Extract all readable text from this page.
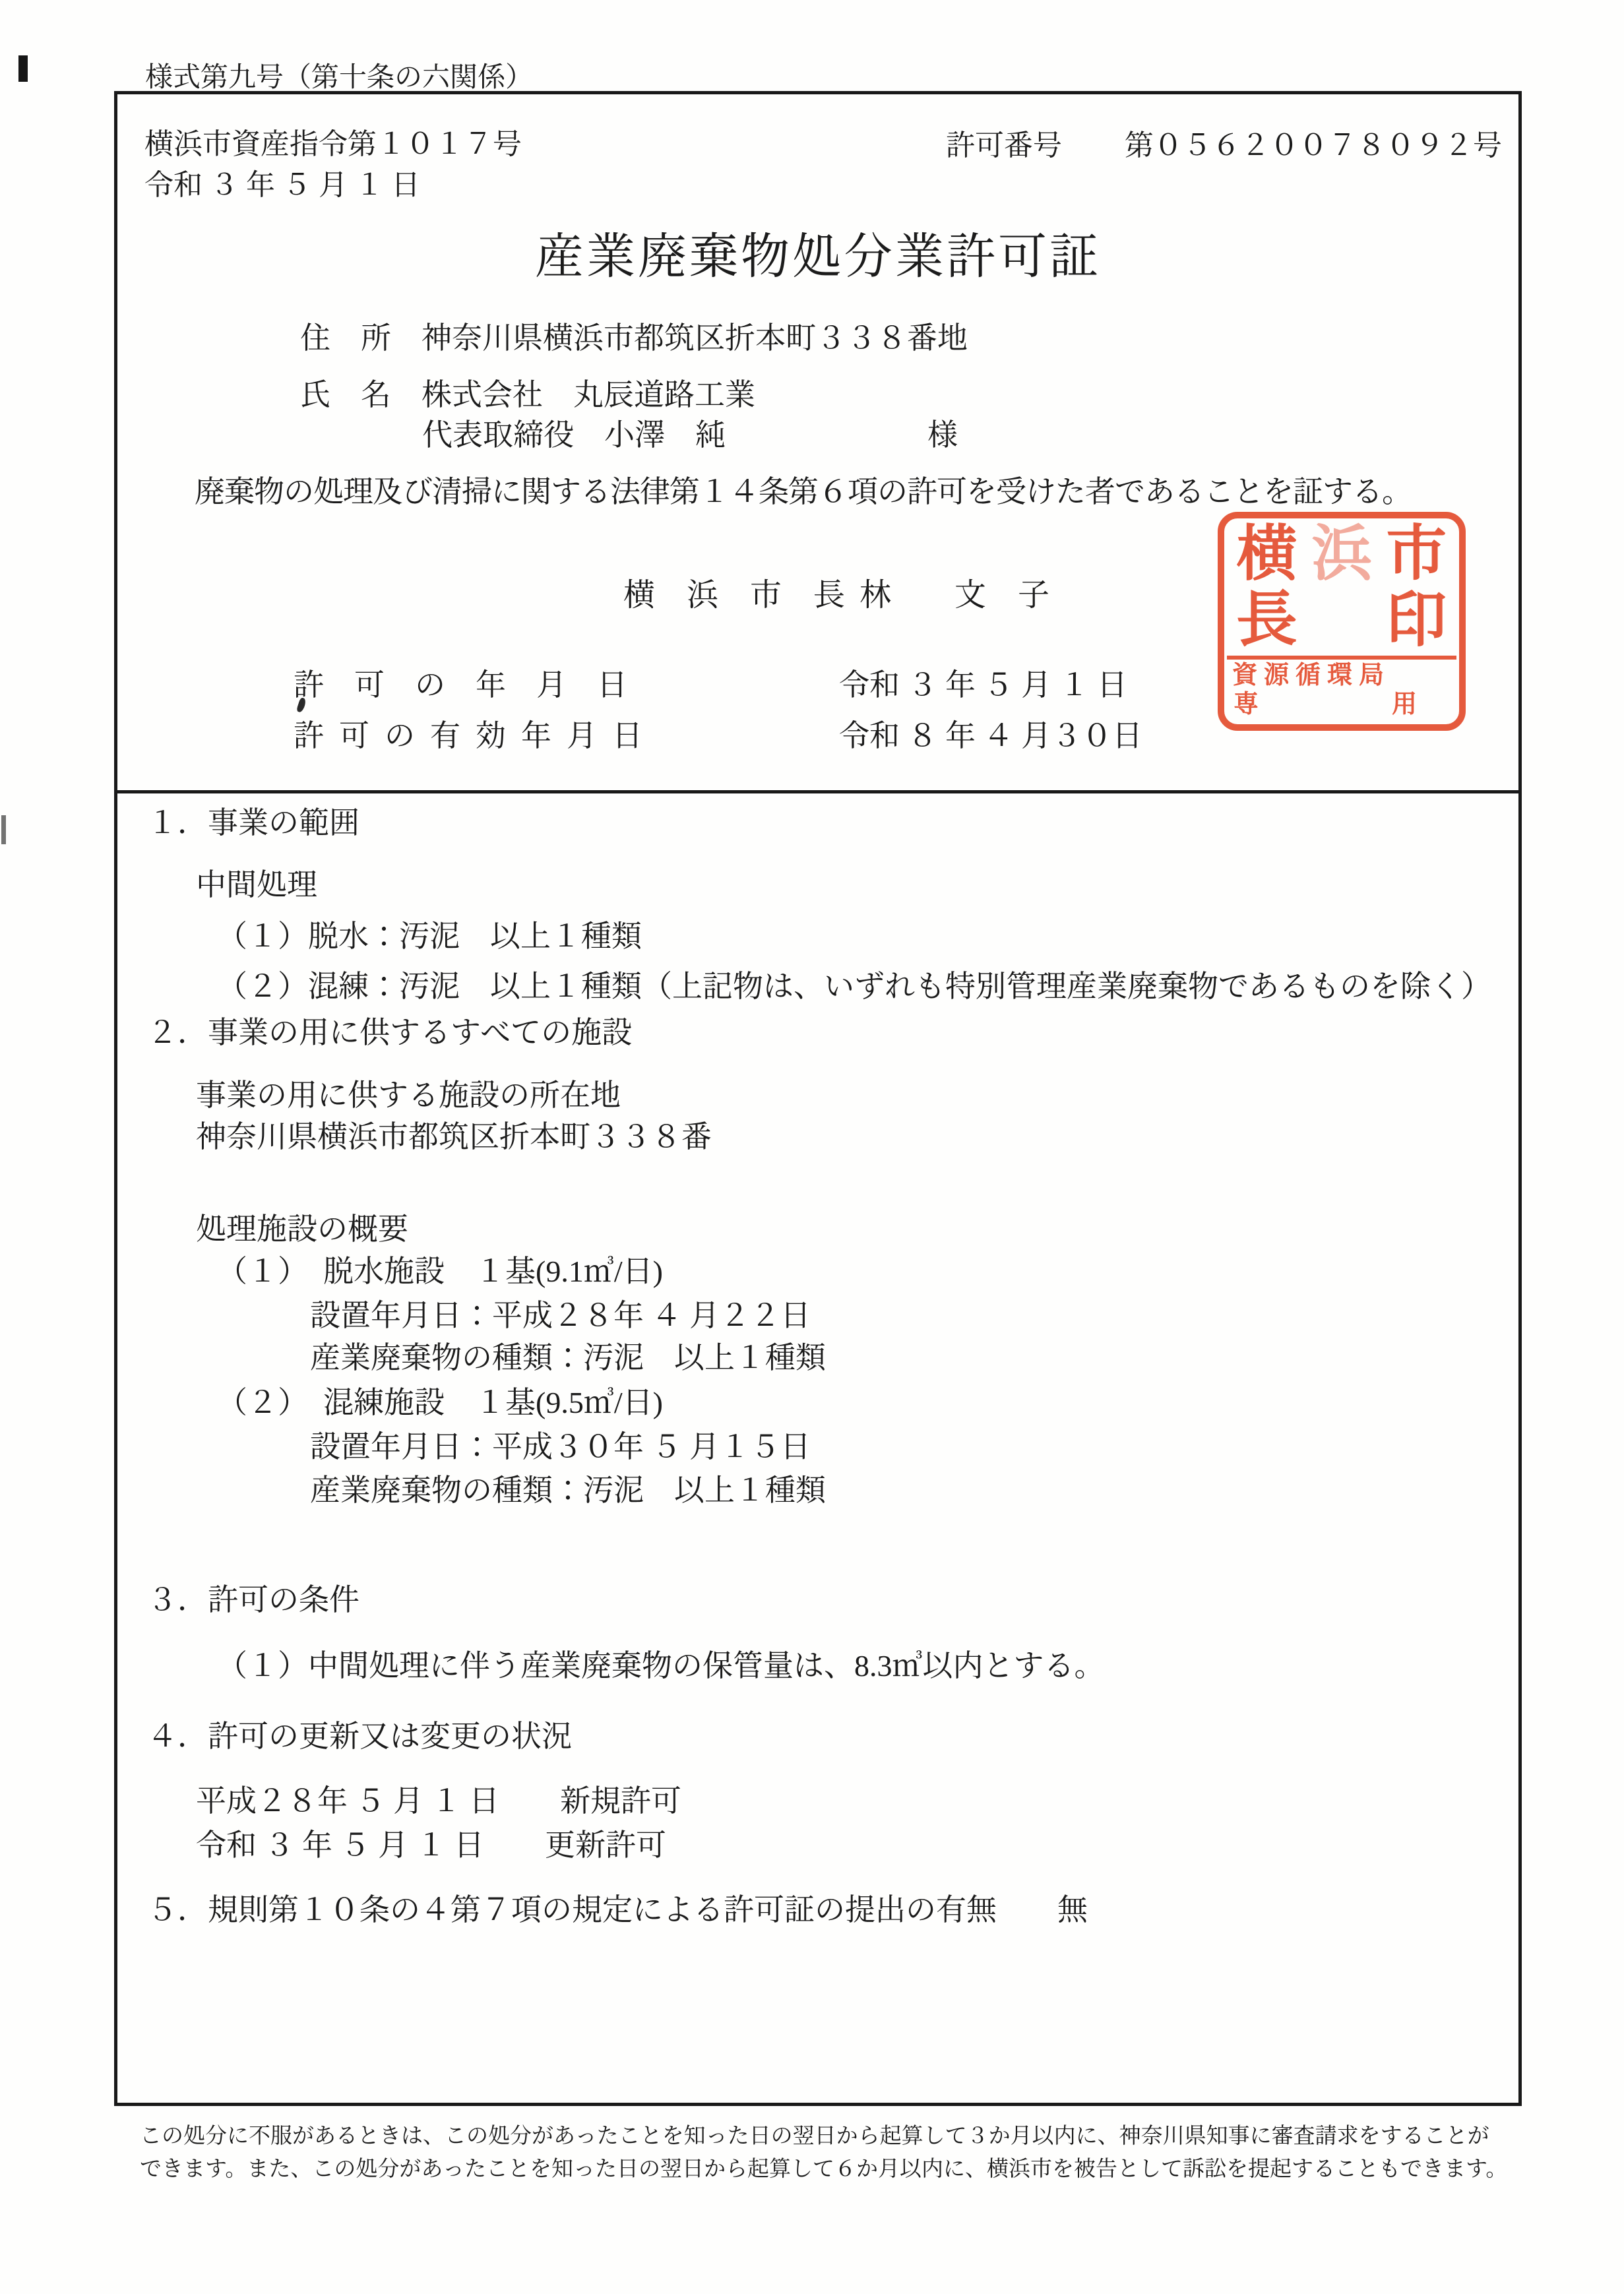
様式第九号（第十条の六関係）
横浜市資産指令第１０１７号
令和 ３ 年 ５ 月 １ 日
許可番号 第０５６２００７８０９２号
産業廃棄物処分業許可証
住　所　神奈川県横浜市都筑区折本町３３８番地
氏　名　株式会社　丸辰道路工業
代表取締役　小澤　純	様
廃棄物の処理及び清掃に関する法律第１４条第６項の許可を受けた者であることを証する。
横　浜　市　長 林　　文　子
横 浜 市
長 印
資源循環局
専	用
許　可　の　年　月　日	令和 ３ 年 ５ 月 １ 日
許可の有効年月日	令和 ８ 年 ４ 月３０日
１．事業の範囲
中間処理
（１）脱水：汚泥　以上１種類
（２）混練：汚泥　以上１種類（上記物は、いずれも特別管理産業廃棄物であるものを除く）
２．事業の用に供するすべての施設
事業の用に供する施設の所在地
神奈川県横浜市都筑区折本町３３８番
処理施設の概要
（１）　脱水施設　１基(9.1㎥/日)
設置年月日：平成２８年 ４ 月２２日
産業廃棄物の種類：汚泥　以上１種類
（２）　混練施設　１基(9.5㎥/日)
設置年月日：平成３０年 ５ 月１５日
産業廃棄物の種類：汚泥　以上１種類
３．許可の条件
（１）中間処理に伴う産業廃棄物の保管量は、8.3㎥以内とする。
４．許可の更新又は変更の状況
平成２８年 ５ 月 １ 日　　新規許可
令和 ３ 年 ５ 月 １ 日　　更新許可
５．規則第１０条の４第７項の規定による許可証の提出の有無　　無
この処分に不服があるときは、この処分があったことを知った日の翌日から起算して３か月以内に、神奈川県知事に審査請求をすることが
できます。また、この処分があったことを知った日の翌日から起算して６か月以内に、横浜市を被告として訴訟を提起することもできます。
